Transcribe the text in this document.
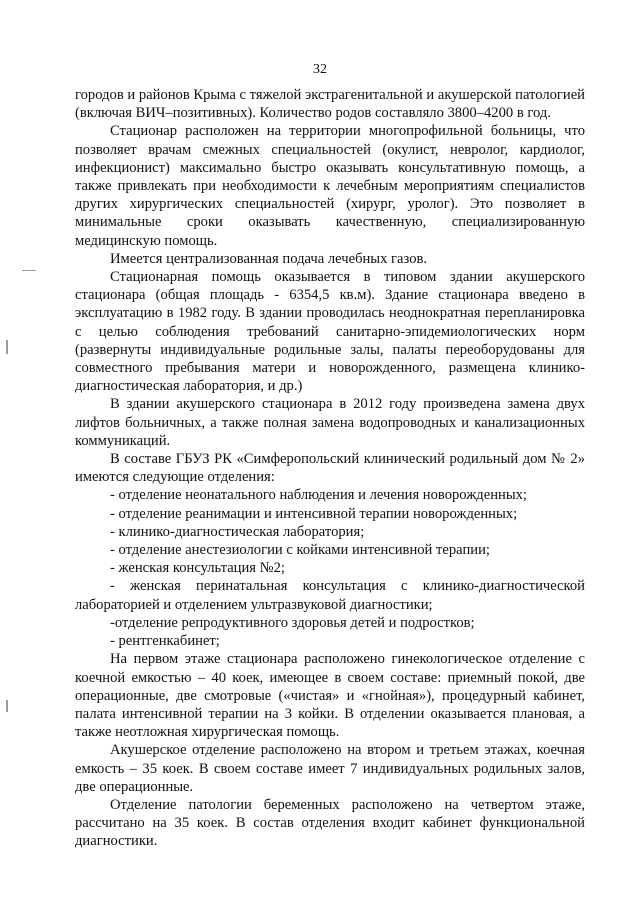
32

городов и районов Крыма с тяжелой экстрагенитальной и акушерской патологией (включая ВИЧ–позитивных). Количество родов составляло 3800–4200 в год.

Стационар расположен на территории многопрофильной больницы, что позволяет врачам смежных специальностей (окулист, невролог, кардиолог, инфекционист) максимально быстро оказывать консультативную помощь, а также привлекать при необходимости к лечебным мероприятиям специалистов других хирургических специальностей (хирург, уролог). Это позволяет в минимальные сроки оказывать качественную, специализированную медицинскую помощь.

Имеется централизованная подача лечебных газов.

Стационарная помощь оказывается в типовом здании акушерского стационара (общая площадь - 6354,5 кв.м). Здание стационара введено в эксплуатацию в 1982 году. В здании проводилась неоднократная перепланировка с целью соблюдения требований санитарно-эпидемиологических норм (развернуты индивидуальные родильные залы, палаты переоборудованы для совместного пребывания матери и новорожденного, размещена клинико-диагностическая лаборатория, и др.)

В здании акушерского стационара в 2012 году произведена замена двух лифтов больничных, а также полная замена водопроводных и канализационных коммуникаций.

В составе ГБУЗ РК «Симферопольский клинический родильный дом № 2» имеются следующие отделения:

- отделение неонатального наблюдения и лечения новорожденных;

- отделение реанимации и интенсивной терапии новорожденных;

- клинико-диагностическая лаборатория;

- отделение анестезиологии с койками интенсивной терапии;

- женская консультация №2;

- женская перинатальная консультация с клинико-диагностической лабораторией и отделением ультразвуковой диагностики;

-отделение репродуктивного здоровья детей и подростков;

- рентгенкабинет;

На первом этаже стационара расположено гинекологическое отделение с коечной емкостью – 40 коек, имеющее в своем составе: приемный покой, две операционные, две смотровые («чистая» и «гнойная»), процедурный кабинет, палата интенсивной терапии на 3 койки. В отделении оказывается плановая, а также неотложная хирургическая помощь.

Акушерское отделение расположено на втором и третьем этажах, коечная емкость – 35 коек. В своем составе имеет 7 индивидуальных родильных залов, две операционные.

Отделение патологии беременных расположено на четвертом этаже, рассчитано на 35 коек. В состав отделения входит кабинет функциональной диагностики.
